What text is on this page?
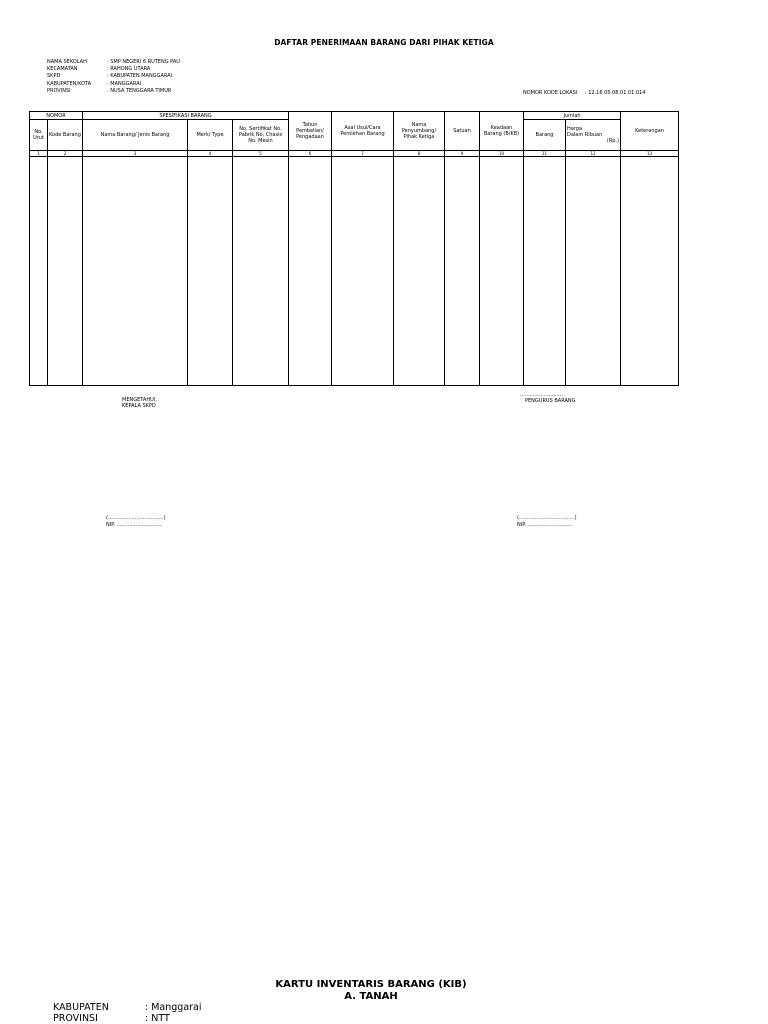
DAFTAR PENERIMAAN BARANG DARI PIHAK KETIGA
NAMA SEKOLAH	: SMP NEGERI 6 RUTENG PAU
KECAMATAN	: RAHONG UTARA
SKPD	: KABUPATEN MANGGARAI
KABUPATEN/KOTA	: MANGGARAI
PROVINSI	: NUSA TENGGARA TIMUR	NOMOR KODE LOKASI : 12.16.05.08.01.01.014
NOMOR		SPESIFIKASI BARANG			Tahun Pembelian/ Pengadaan	Asal Usul/Cara Perolehan Barang	Nama Penyumbang/ Pihak Ketiga	Satuan	Keadaan Barang (B/KB)	Jumlah		Keterangan
No. Urut	Kode Barang	Nama Barang/ Jenis Barang	Merk/ Type	No. Sertifikat No. Pabrik No. Chasis No. Mesin						Barang	Harga
Dalam Ribuan
(Rp.)	

1	2	3	4	5	6	7	8	9	10	11	12	13

MENGETAHUI,
KEPALA SKPD
...........................
PENGURUS BARANG
(...................................)
NIP. ............................
(...................................)
NIP. ............................
KARTU INVENTARIS BARANG (KIB)
A. TANAH
KABUPATEN	: Manggarai
PROVINSI	: NTT
